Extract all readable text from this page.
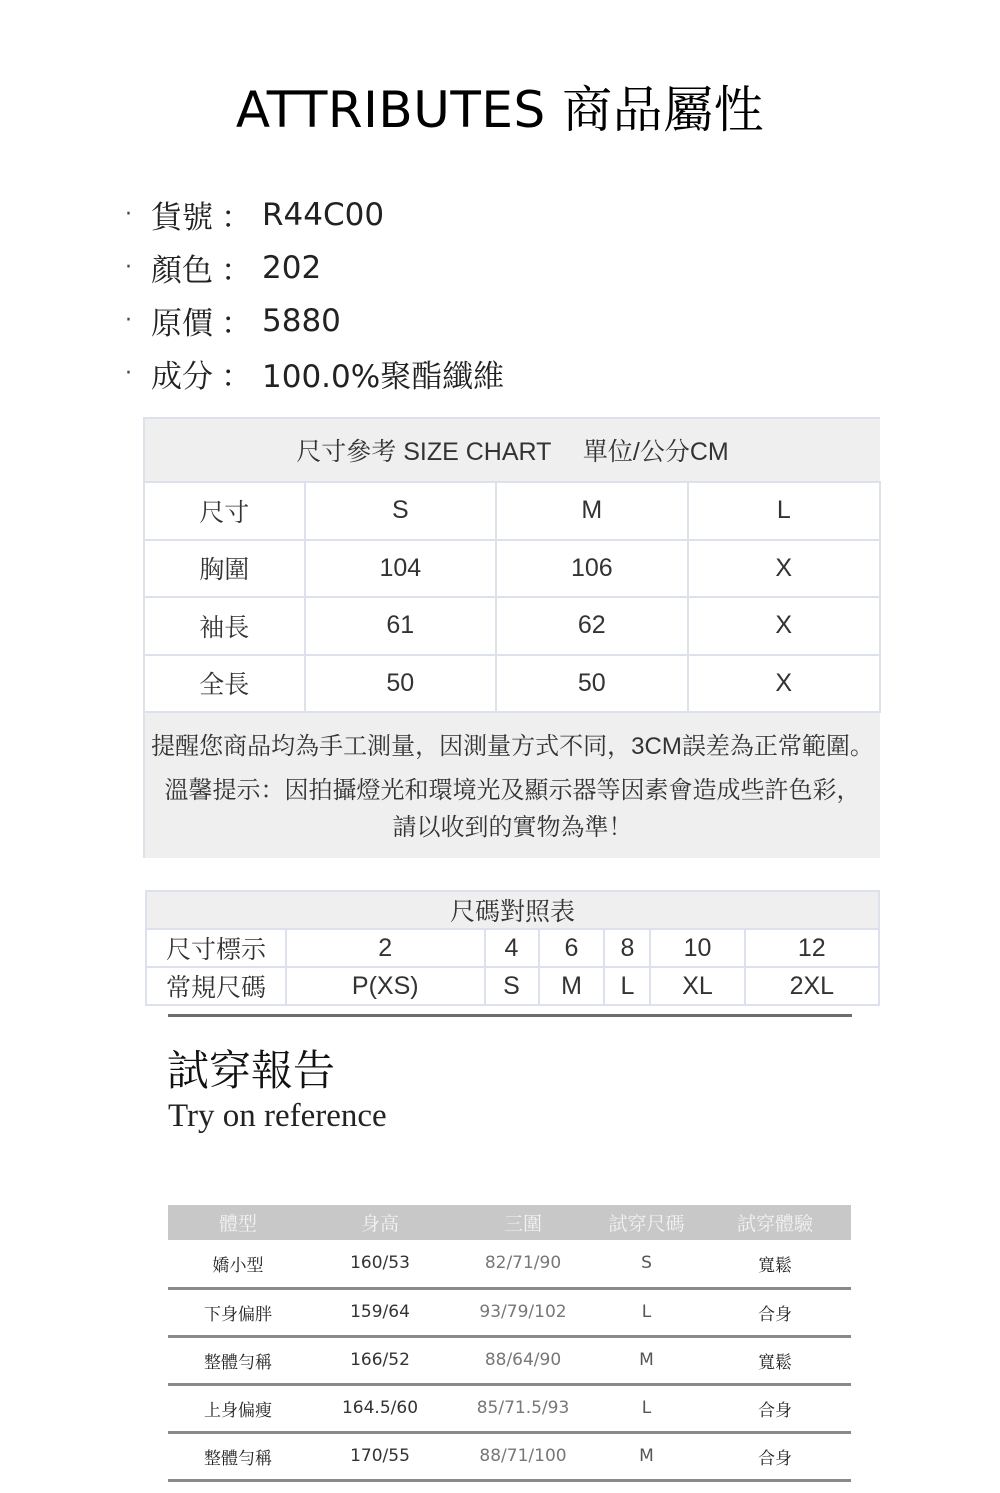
ATTRIBUTES 商品屬性
· 貨號 ： R44C00
· 顏色 ： 202
· 原價 ： 5880
· 成分 ： 100.0%聚酯纖維
尺寸參考 SIZE CHART　 單位/公分CM			
尺寸	S	M	L
胸圍	104	106	X
袖長	61	62	X
全長	50	50	X
提醒您商品均為手工測量，因測量方式不同，3CM誤差為正常範圍。			

溫馨提示：因拍攝燈光和環境光及顯示器等因素會造成些許色彩，
請以收到的實物為準！			
尺碼對照表						
尺寸標示	2	4	6	8	10	12
常規尺碼	P(XS)	S	M	L	XL	2XL
試穿報告
Try on reference
體型	身高	三圍	試穿尺碼	試穿體驗
嬌小型	160/53	82/71/90	S	寬鬆
下身偏胖	159/64	93/79/102	L	合身
整體勻稱	166/52	88/64/90	M	寬鬆
上身偏瘦	164.5/60	85/71.5/93	L	合身
整體勻稱	170/55	88/71/100	M	合身
